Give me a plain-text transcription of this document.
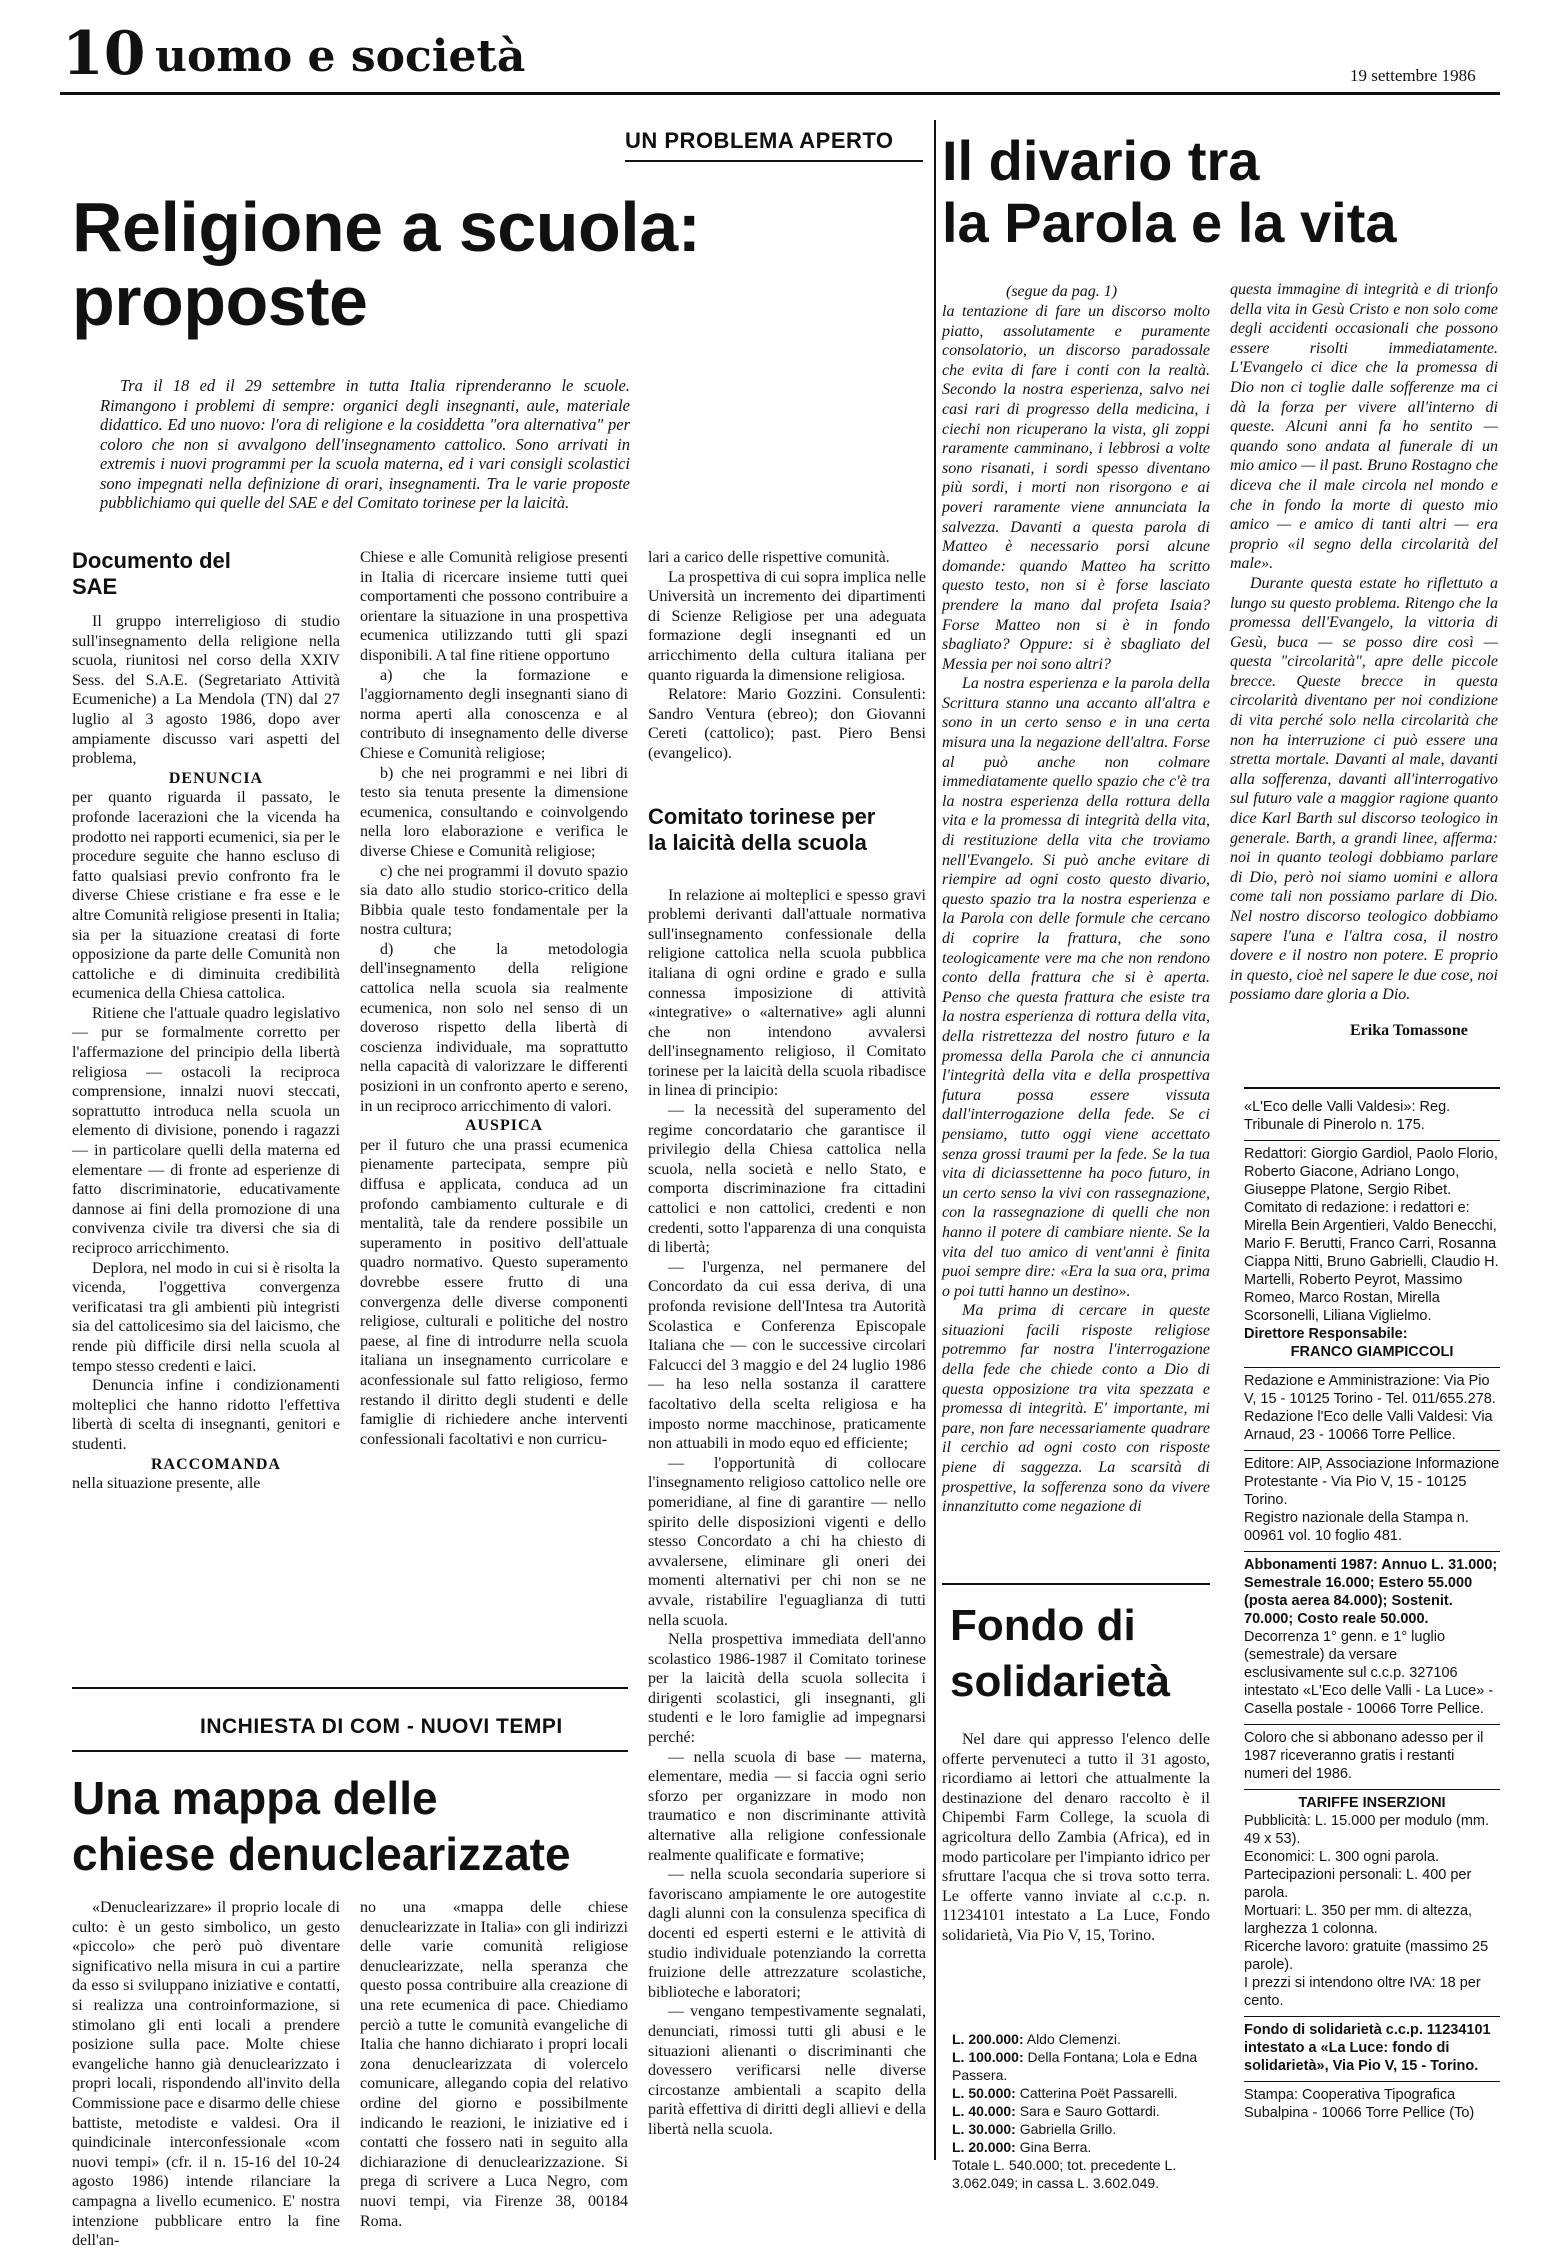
10 uomo e società	19 settembre 1986
UN PROBLEMA APERTO
Religione a scuola:
proposte

Tra il 18 ed il 29 settembre in tutta Italia riprenderanno le scuole. Rimangono i problemi di sempre: organici degli insegnanti, aule, materiale didattico. Ed uno nuovo: l'ora di religione e la cosiddetta "ora alternativa" per coloro che non si avvalgono dell'insegnamento cattolico. Sono arrivati in extremis i nuovi programmi per la scuola materna, ed i vari consigli scolastici sono impegnati nella definizione di orari, insegnamenti. Tra le varie proposte pubblichiamo qui quelle del SAE e del Comitato torinese per la laicità.

Documento del SAE

Il gruppo interreligioso di studio sull'insegnamento della religione nella scuola, riunitosi nel corso della XXIV Sess. del S.A.E. (Segretariato Attività Ecumeniche) a La Mendola (TN) dal 27 luglio al 3 agosto 1986, dopo aver ampiamente discusso vari aspetti del problema,

DENUNCIA

per quanto riguarda il passato, le profonde lacerazioni che la vicenda ha prodotto nei rapporti ecumenici, sia per le procedure seguite che hanno escluso di fatto qualsiasi previo confronto fra le diverse Chiese cristiane e fra esse e le altre Comunità religiose presenti in Italia; sia per la situazione creatasi di forte opposizione da parte delle Comunità non cattoliche e di diminuita credibilità ecumenica della Chiesa cattolica.

Ritiene che l'attuale quadro legislativo — pur se formalmente corretto per l'affermazione del principio della libertà religiosa — ostacoli la reciproca comprensione, innalzi nuovi steccati, soprattutto introduca nella scuola un elemento di divisione, ponendo i ragazzi — in particolare quelli della materna ed elementare — di fronte ad esperienze di fatto discriminatorie, educativamente dannose ai fini della promozione di una convivenza civile tra diversi che sia di reciproco arricchimento.

Deplora, nel modo in cui si è risolta la vicenda, l'oggettiva convergenza verificatasi tra gli ambienti più integristi sia del cattolicesimo sia del laicismo, che rende più difficile dirsi nella scuola al tempo stesso credenti e laici.

Denuncia infine i condizionamenti molteplici che hanno ridotto l'effettiva libertà di scelta di insegnanti, genitori e studenti.

RACCOMANDA

nella situazione presente, alle

Chiese e alle Comunità religiose presenti in Italia di ricercare insieme tutti quei comportamenti che possono contribuire a orientare la situazione in una prospettiva ecumenica utilizzando tutti gli spazi disponibili. A tal fine ritiene opportuno

a) che la formazione e l'aggiornamento degli insegnanti siano di norma aperti alla conoscenza e al contributo di insegnamento delle diverse Chiese e Comunità religiose;

b) che nei programmi e nei libri di testo sia tenuta presente la dimensione ecumenica, consultando e coinvolgendo nella loro elaborazione e verifica le diverse Chiese e Comunità religiose;

c) che nei programmi il dovuto spazio sia dato allo studio storico-critico della Bibbia quale testo fondamentale per la nostra cultura;

d) che la metodologia dell'insegnamento della religione cattolica nella scuola sia realmente ecumenica, non solo nel senso di un doveroso rispetto della libertà di coscienza individuale, ma soprattutto nella capacità di valorizzare le differenti posizioni in un confronto aperto e sereno, in un reciproco arricchimento di valori.

AUSPICA

per il futuro che una prassi ecumenica pienamente partecipata, sempre più diffusa e applicata, conduca ad un profondo cambiamento culturale e di mentalità, tale da rendere possibile un superamento in positivo dell'attuale quadro normativo. Questo superamento dovrebbe essere frutto di una convergenza delle diverse componenti religiose, culturali e politiche del nostro paese, al fine di introdurre nella scuola italiana un insegnamento curricolare e aconfessionale sul fatto religioso, fermo restando il diritto degli studenti e delle famiglie di richiedere anche interventi confessionali facoltativi e non curricu-

lari a carico delle rispettive comunità.

La prospettiva di cui sopra implica nelle Università un incremento dei dipartimenti di Scienze Religiose per una adeguata formazione degli insegnanti ed un arricchimento della cultura italiana per quanto riguarda la dimensione religiosa.

Relatore: Mario Gozzini. Consulenti: Sandro Ventura (ebreo); don Giovanni Cereti (cattolico); past. Piero Bensi (evangelico).

Comitato torinese per la laicità della scuola

In relazione ai molteplici e spesso gravi problemi derivanti dall'attuale normativa sull'insegnamento confessionale della religione cattolica nella scuola pubblica italiana di ogni ordine e grado e sulla connessa imposizione di attività «integrative» o «alternative» agli alunni che non intendono avvalersi dell'insegnamento religioso, il Comitato torinese per la laicità della scuola ribadisce in linea di principio:

— la necessità del superamento del regime concordatario che garantisce il privilegio della Chiesa cattolica nella scuola, nella società e nello Stato, e comporta discriminazione fra cittadini cattolici e non cattolici, credenti e non credenti, sotto l'apparenza di una conquista di libertà;

— l'urgenza, nel permanere del Concordato da cui essa deriva, di una profonda revisione dell'Intesa tra Autorità Scolastica e Conferenza Episcopale Italiana che — con le successive circolari Falcucci del 3 maggio e del 24 luglio 1986 — ha leso nella sostanza il carattere facoltativo della scelta religiosa e ha imposto norme macchinose, praticamente non attuabili in modo equo ed efficiente;

— l'opportunità di collocare l'insegnamento religioso cattolico nelle ore pomeridiane, al fine di garantire — nello spirito delle disposizioni vigenti e dello stesso Concordato a chi ha chiesto di avvalersene, eliminare gli oneri dei momenti alternativi per chi non se ne avvale, ristabilire l'eguaglianza di tutti nella scuola.

Nella prospettiva immediata dell'anno scolastico 1986-1987 il Comitato torinese per la laicità della scuola sollecita i dirigenti scolastici, gli insegnanti, gli studenti e le loro famiglie ad impegnarsi perché:

— nella scuola di base — materna, elementare, media — si faccia ogni serio sforzo per organizzare in modo non traumatico e non discriminante attività alternative alla religione confessionale realmente qualificate e formative;

— nella scuola secondaria superiore si favoriscano ampiamente le ore autogestite dagli alunni con la consulenza specifica di docenti ed esperti esterni e le attività di studio individuale potenziando la corretta fruizione delle attrezzature scolastiche, biblioteche e laboratori;

— vengano tempestivamente segnalati, denunciati, rimossi tutti gli abusi e le situazioni alienanti o discriminanti che dovessero verificarsi nelle diverse circostanze ambientali a scapito della parità effettiva di diritti degli allievi e della libertà nella scuola.

INCHIESTA DI COM - NUOVI TEMPI
Una mappa delle
chiese denuclearizzate

«Denuclearizzare» il proprio locale di culto: è un gesto simbolico, un gesto «piccolo» che però può diventare significativo nella misura in cui a partire da esso si sviluppano iniziative e contatti, si realizza una controinformazione, si stimolano gli enti locali a prendere posizione sulla pace. Molte chiese evangeliche hanno già denuclearizzato i propri locali, rispondendo all'invito della Commissione pace e disarmo delle chiese battiste, metodiste e valdesi. Ora il quindicinale interconfessionale «com nuovi tempi» (cfr. il n. 15-16 del 10-24 agosto 1986) intende rilanciare la campagna a livello ecumenico. E' nostra intenzione pubblicare entro la fine dell'an-

no una «mappa delle chiese denuclearizzate in Italia» con gli indirizzi delle varie comunità religiose denuclearizzate, nella speranza che questo possa contribuire alla creazione di una rete ecumenica di pace. Chiediamo perciò a tutte le comunità evangeliche di Italia che hanno dichiarato i propri locali zona denuclearizzata di volercelo comunicare, allegando copia del relativo ordine del giorno e possibilmente indicando le reazioni, le iniziative ed i contatti che fossero nati in seguito alla dichiarazione di denuclearizzazione. Si prega di scrivere a Luca Negro, com nuovi tempi, via Firenze 38, 00184 Roma.

Il divario tra
la Parola e la vita
(segue da pag. 1)

la tentazione di fare un discorso molto piatto, assolutamente e puramente consolatorio, un discorso paradossale che evita di fare i conti con la realtà. Secondo la nostra esperienza, salvo nei casi rari di progresso della medicina, i ciechi non ricuperano la vista, gli zoppi raramente camminano, i lebbrosi a volte sono risanati, i sordi spesso diventano più sordi, i morti non risorgono e ai poveri raramente viene annunciata la salvezza. Davanti a questa parola di Matteo è necessario porsi alcune domande: quando Matteo ha scritto questo testo, non si è forse lasciato prendere la mano dal profeta Isaia? Forse Matteo non si è in fondo sbagliato? Oppure: si è sbagliato del Messia per noi sono altri?

La nostra esperienza e la parola della Scrittura stanno una accanto all'altra e sono in un certo senso e in una certa misura una la negazione dell'altra. Forse al può anche non colmare immediatamente quello spazio che c'è tra la nostra esperienza della rottura della vita e la promessa di integrità della vita, di restituzione della vita che troviamo nell'Evangelo. Si può anche evitare di riempire ad ogni costo questo divario, questo spazio tra la nostra esperienza e la Parola con delle formule che cercano di coprire la frattura, che sono teologicamente vere ma che non rendono conto della frattura che si è aperta. Penso che questa frattura che esiste tra la nostra esperienza di rottura della vita, della ristrettezza del nostro futuro e la promessa della Parola che ci annuncia l'integrità della vita e della prospettiva futura possa essere vissuta dall'interrogazione della fede. Se ci pensiamo, tutto oggi viene accettato senza grossi traumi per la fede. Se la tua vita di diciassettenne ha poco futuro, in un certo senso la vivi con rassegnazione, con la rassegnazione di quelli che non hanno il potere di cambiare niente. Se la vita del tuo amico di vent'anni è finita puoi sempre dire: «Era la sua ora, prima o poi tutti hanno un destino».

Ma prima di cercare in queste situazioni facili risposte religiose potremmo far nostra l'interrogazione della fede che chiede conto a Dio di questa opposizione tra vita spezzata e promessa di integrità. E' importante, mi pare, non fare necessariamente quadrare il cerchio ad ogni costo con risposte piene di saggezza. La scarsità di prospettive, la sofferenza sono da vivere innanzitutto come negazione di

questa immagine di integrità e di trionfo della vita in Gesù Cristo e non solo come degli accidenti occasionali che possono essere risolti immediatamente. L'Evangelo ci dice che la promessa di Dio non ci toglie dalle sofferenze ma ci dà la forza per vivere all'interno di queste. Alcuni anni fa ho sentito — quando sono andata al funerale di un mio amico — il past. Bruno Rostagno che diceva che il male circola nel mondo e che in fondo la morte di questo mio amico — e amico di tanti altri — era proprio «il segno della circolarità del male».

Durante questa estate ho riflettuto a lungo su questo problema. Ritengo che la promessa dell'Evangelo, la vittoria di Gesù, buca — se posso dire così — questa "circolarità", apre delle piccole brecce. Queste brecce in questa circolarità diventano per noi condizione di vita perché solo nella circolarità che non ha interruzione ci può essere una stretta mortale. Davanti al male, davanti alla sofferenza, davanti all'interrogativo sul futuro vale a maggior ragione quanto dice Karl Barth sul discorso teologico in generale. Barth, a grandi linee, afferma: noi in quanto teologi dobbiamo parlare di Dio, però noi siamo uomini e allora come tali non possiamo parlare di Dio. Nel nostro discorso teologico dobbiamo sapere l'una e l'altra cosa, il nostro dovere e il nostro non potere. E proprio in questo, cioè nel sapere le due cose, noi possiamo dare gloria a Dio.

Erika Tomassone
Fondo di
solidarietà

Nel dare qui appresso l'elenco delle offerte pervenuteci a tutto il 31 agosto, ricordiamo ai lettori che attualmente la destinazione del denaro raccolto è il Chipembi Farm College, la scuola di agricoltura dello Zambia (Africa), ed in modo particolare per l'impianto idrico per sfruttare l'acqua che si trova sotto terra. Le offerte vanno inviate al c.c.p. n. 11234101 intestato a La Luce, Fondo solidarietà, Via Pio V, 15, Torino.

L. 200.000: Aldo Clemenzi.
L. 100.000: Della Fontana; Lola e Edna Passera.
L. 50.000: Catterina Poët Passarelli.
L. 40.000: Sara e Sauro Gottardi.
L. 30.000: Gabriella Grillo.
L. 20.000: Gina Berra.
Totale L. 540.000; tot. precedente L. 3.062.049; in cassa L. 3.602.049.
«L'Eco delle Valli Valdesi»: Reg. Tribunale di Pinerolo n. 175.
Redattori: Giorgio Gardiol, Paolo Florio, Roberto Giacone, Adriano Longo, Giuseppe Platone, Sergio Ribet. Comitato di redazione: i redattori e: Mirella Bein Argentieri, Valdo Benecchi, Mario F. Berutti, Franco Carri, Rosanna Ciappa Nitti, Bruno Gabrielli, Claudio H. Martelli, Roberto Peyrot, Massimo Romeo, Marco Rostan, Mirella Scorsonelli, Liliana Viglielmo.
Direttore Responsabile:
FRANCO GIAMPICCOLI
Redazione e Amministrazione: Via Pio V, 15 - 10125 Torino - Tel. 011/655.278.
Redazione l'Eco delle Valli Valdesi: Via Arnaud, 23 - 10066 Torre Pellice.
Editore: AIP, Associazione Informazione Protestante - Via Pio V, 15 - 10125 Torino.
Registro nazionale della Stampa n. 00961 vol. 10 foglio 481.
Abbonamenti 1987: Annuo L. 31.000; Semestrale 16.000; Estero 55.000 (posta aerea 84.000); Sostenit. 70.000; Costo reale 50.000.
Decorrenza 1° genn. e 1° luglio (semestrale) da versare esclusivamente sul c.c.p. 327106 intestato «L'Eco delle Valli - La Luce» - Casella postale - 10066 Torre Pellice.
Coloro che si abbonano adesso per il 1987 riceveranno gratis i restanti numeri del 1986.
TARIFFE INSERZIONI
Pubblicità: L. 15.000 per modulo (mm. 49 x 53).
Economici: L. 300 ogni parola.
Partecipazioni personali: L. 400 per parola.
Mortuari: L. 350 per mm. di altezza, larghezza 1 colonna.
Ricerche lavoro: gratuite (massimo 25 parole).
I prezzi si intendono oltre IVA: 18 per cento.
Fondo di solidarietà c.c.p. 11234101 intestato a «La Luce: fondo di solidarietà», Via Pio V, 15 - Torino.
Stampa: Cooperativa Tipografica Subalpina - 10066 Torre Pellice (To)
